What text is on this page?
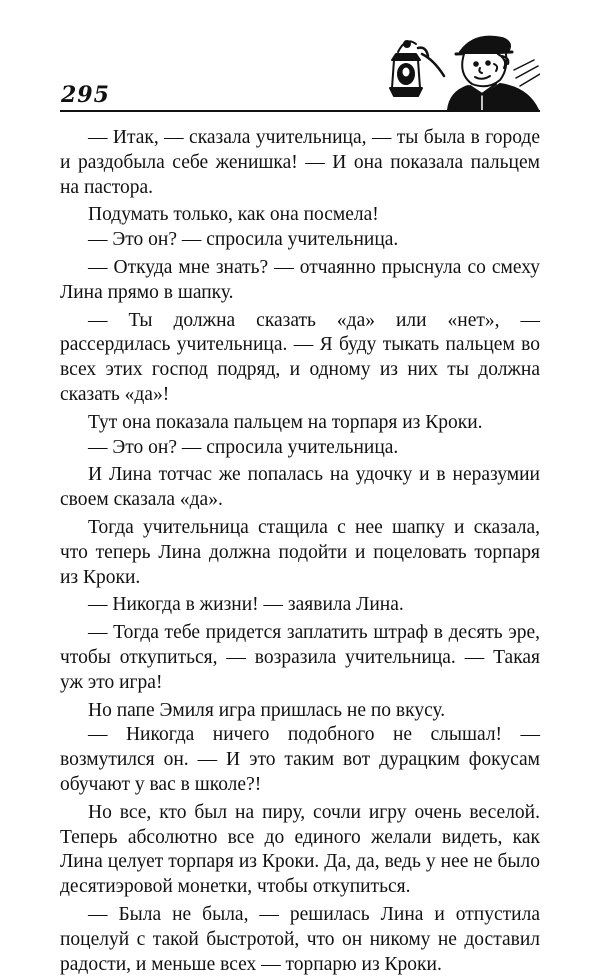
295

— Итак, — сказала учительница, — ты была в городе и раздобыла себе женишка! — И она показала пальцем на пастора.

Подумать только, как она посмела!

— Это он? — спросила учительница.

— Откуда мне знать? — отчаянно прыснула со смеху Лина прямо в шапку.

— Ты должна сказать «да» или «нет», — рассердилась учительница. — Я буду тыкать пальцем во всех этих господ подряд, и одному из них ты должна сказать «да»!

Тут она показала пальцем на торпаря из Кроки.

— Это он? — спросила учительница.

И Лина тотчас же попалась на удочку и в неразумии своем сказала «да».

Тогда учительница стащила с нее шапку и сказала, что теперь Лина должна подойти и поцеловать торпаря из Кроки.

— Никогда в жизни! — заявила Лина.

— Тогда тебе придется заплатить штраф в десять эре, чтобы откупиться, — возразила учительница. — Такая уж это игра!

Но папе Эмиля игра пришлась не по вкусу.

— Никогда ничего подобного не слышал! — возмутился он. — И это таким вот дурацким фокусам обучают у вас в школе?!

Но все, кто был на пиру, сочли игру очень веселой. Теперь абсолютно все до единого желали видеть, как Лина целует торпаря из Кроки. Да, да, ведь у нее не было десятиэровой монетки, чтобы откупиться.

— Была не была, — решилась Лина и отпустила поцелуй с такой быстротой, что он никому не доставил радости, и меньше всех — торпарю из Кроки.
